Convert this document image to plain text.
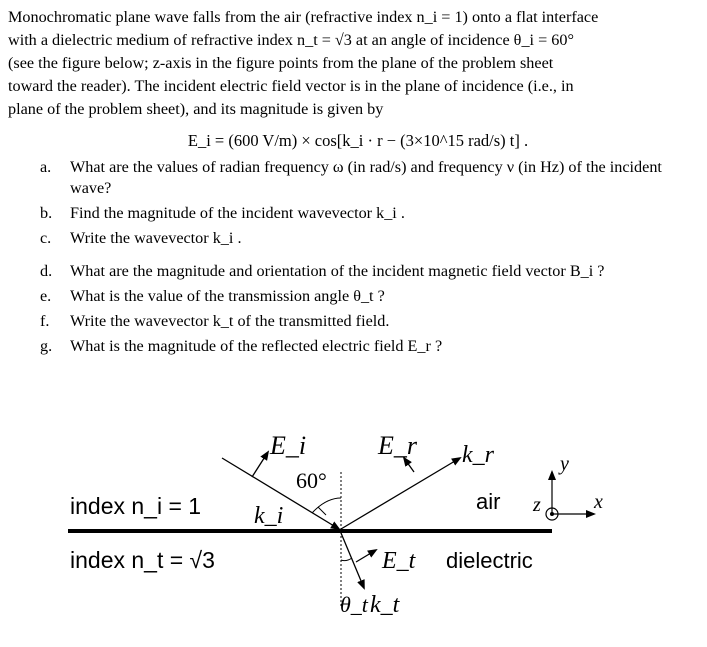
Monochromatic plane wave falls from the air (refractive index n_i = 1) onto a flat interface
with a dielectric medium of refractive index n_t = √3 at an angle of incidence θ_i = 60°
(see the figure below; z-axis in the figure points from the plane of the problem sheet
toward the reader). The incident electric field vector is in the plane of incidence (i.e., in
plane of the problem sheet), and its magnitude is given by

E_i = (600 V/m) × cos[k_i · r − (3×10^15 rad/s) t] .
a.	What are the values of radian frequency ω (in rad/s) and frequency ν (in Hz) of the incident wave?
b.	Find the magnitude of the incident wavevector k_i .
c.	Write the wavevector k_i .
d.	What are the magnitude and orientation of the incident magnetic field vector B_i ?
e.	What is the value of the transmission angle θ_t ?
f.	Write the wavevector k_t of the transmitted field.
g.	What is the magnitude of the reflected electric field E_r ?
index n_i = 1
index n_t = √3
air
dielectric
60°
E_i
k_i
E_r k_r
E_t
k_t
θ_t
y
x
z
